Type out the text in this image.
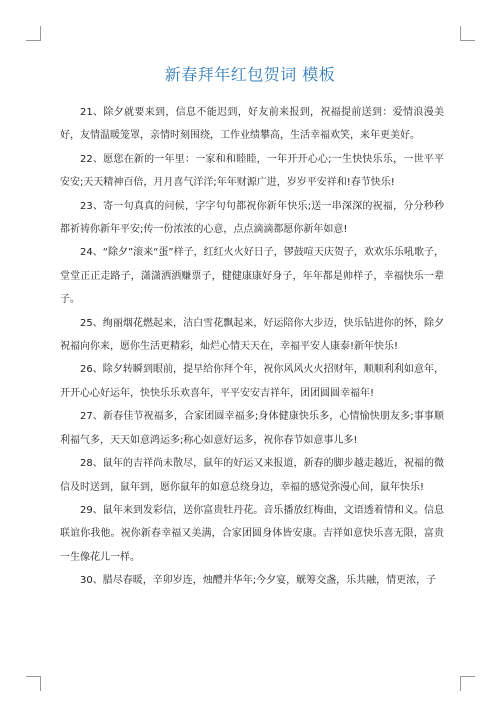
新春拜年红包贺词 模板

21、除夕就要来到，信息不能迟到，好友前来报到，祝福提前送到：爱情浪漫美好，友情温暖笼罩，亲情时刻围绕，工作业绩攀高，生活幸福欢笑，来年更美好。

22、愿您在新的一年里：一家和和睦睦，一年开开心心;一生快快乐乐，一世平平安安;天天精神百倍，月月喜气洋洋;年年财源广进，岁岁平安祥和!春节快乐!

23、寄一句真真的问候，字字句句都祝你新年快乐;送一串深深的祝福，分分秒秒都祈祷你新年平安;传一份浓浓的心意，点点滴滴都愿你新年如意!

24、“除夕”滚来“蛋”样子，红红火火好日子，锣鼓喧天庆贺子，欢欢乐乐吼歌子，堂堂正正走路子，潇潇洒洒赚票子，健健康康好身子，年年都是帅样子，幸福快乐一辈子。

25、绚丽烟花燃起来，洁白雪花飘起来，好运陪你大步迈，快乐钻进你的怀，除夕祝福向你来，愿你生活更精彩，灿烂心情天天在，幸福平安人康泰!新年快乐!

26、除夕转瞬到眼前，提早给你拜个年，祝你风风火火招财年，顺顺利利如意年，开开心心好运年，快快乐乐欢喜年，平平安安吉祥年，团团圆圆幸福年!

27、新春佳节祝福多，合家团圆幸福多;身体健康快乐多，心情愉快朋友多;事事顺利福气多，天天如意鸿运多;称心如意好运多，祝你春节如意事儿多!

28、鼠年的吉祥尚未散尽，鼠年的好运又来报道，新春的脚步越走越近，祝福的微信及时送到，鼠年到，愿你鼠年的如意总绕身边，幸福的感觉弥漫心间，鼠年快乐!

29、鼠年来到发彩信，送你富贵牡丹花。音乐播放红梅曲，文语透着情和义。信息联谊你我他。祝你新春幸福又美满，合家团圆身体皆安康。吉祥如意快乐喜无限，富贵一生像花儿一样。

30、腊尽春暖，辛卯岁连，烛醴并华年;今夕宴，觥筹交盏，乐共融，情更浓，子
